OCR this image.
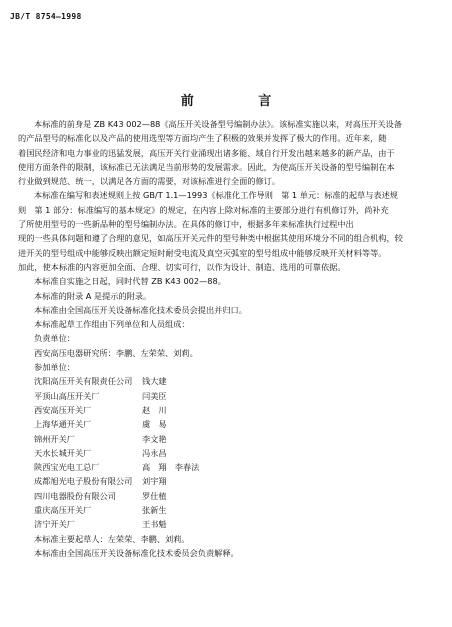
JB/T 8754—1998
前 言

本标准的前身是 ZB K43 002—88《高压开关设备型号编制办法》。该标准实施以来，对高压开关设备

的产品型号的标准化以及产品的使用选型等方面均产生了积极的效果并发挥了极大的作用。近年来，随

着国民经济和电力事业的迅猛发展，高压开关行业涌现出诸多能、域自行开发出越来越多的新产品，由于

使用方面条件的限制，该标准已无法满足当前形势的发展需求。因此，为使高压开关设备的型号编制在本

行业做到规范、统一，以满足各方面的需要，对该标准进行全面的修订。

本标准在编写和表述规则上按 GB/T 1.1—1993《标准化工作导则　第 1 单元：标准的起草与表述规

则　第 1 部分：标准编写的基本规定》的规定，在内容上除对标准的主要部分进行有机修订外，尚补充

了所使用型号的一些新品种的型号编制办法。在具体的修订中，根据多年来标准执行过程中出

现的一些具体问题和遵了合理的意见，如高压开关元件的型号种类中根据其使用环境分不同的组合机构，较

进开关的型号组成中能够反映出额定短时耐受电流及真空灭弧室的型号组成中能够反映开关材料等等。

加此，使本标准的内容更加全面、合理、切实可行，以作为设计、制造、选用的可靠依据。

本标准自实施之日起，同时代替 ZB K43 002—88。

本标准的附录 A 是提示的附录。

本标准由全国高压开关设备标准化技术委员会提出并归口。

本标准起草工作组由下列单位和人员组成：

负责单位：

西安高压电器研究所：李鹏、左荣荣、刘莉。

参加单位：

沈阳高压开关有限责任公司	钱大建
平顶山高压开关厂	闫美臣
西安高压开关厂	赵　川
上海华通开关厂	虞　易
锦州开关厂	李文艳
天水长城开关厂	冯永昌
陕西宝光电工总厂	高　翔　李春法
成都旭光电子股份有限公司	刘宇翔
四川电器股份有限公司	罗仕植
重庆高压开关厂	张新生
济宁开关厂	王书魁

本标准主要起草人：左荣荣、李鹏、刘莉。

本标准由全国高压开关设备标准化技术委员会负责解释。
